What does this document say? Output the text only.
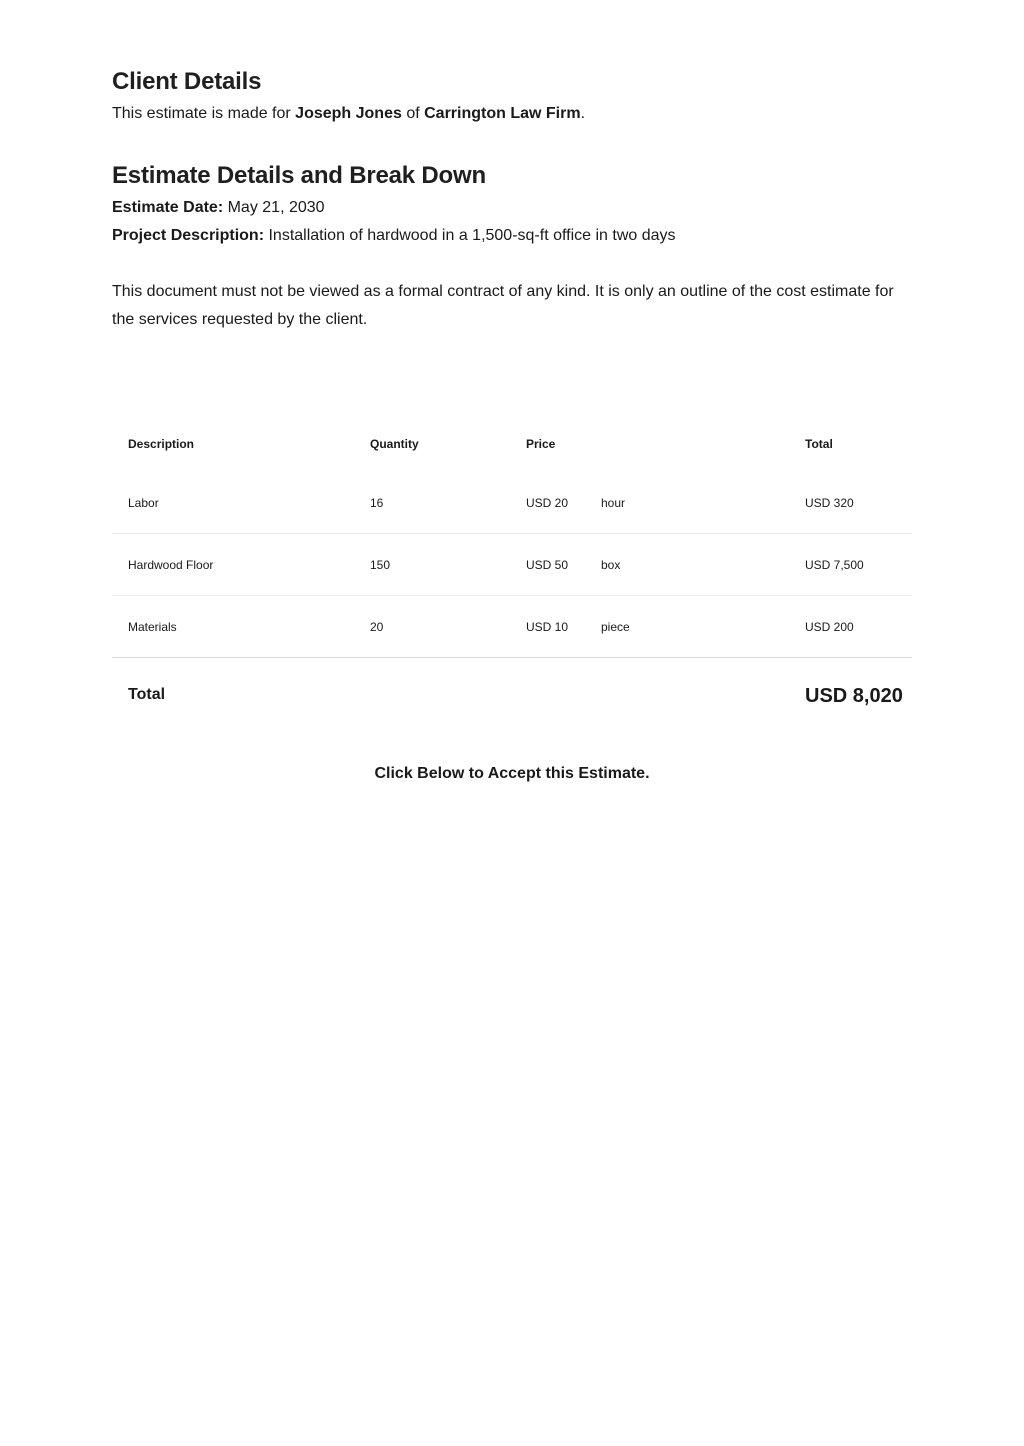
Client Details

This estimate is made for Joseph Jones of Carrington Law Firm.

Estimate Details and Break Down

Estimate Date: May 21, 2030

Project Description: Installation of hardwood in a 1,500-sq-ft office in two days

This document must not be viewed as a formal contract of any kind. It is only an outline of the cost estimate for the services requested by the client.

Description	Quantity	Price		Total
Labor	16	USD 20	hour	USD 320
Hardwood Floor	150	USD 50	box	USD 7,500
Materials	20	USD 10	piece	USD 200
Total	USD 8,020

Click Below to Accept this Estimate.
